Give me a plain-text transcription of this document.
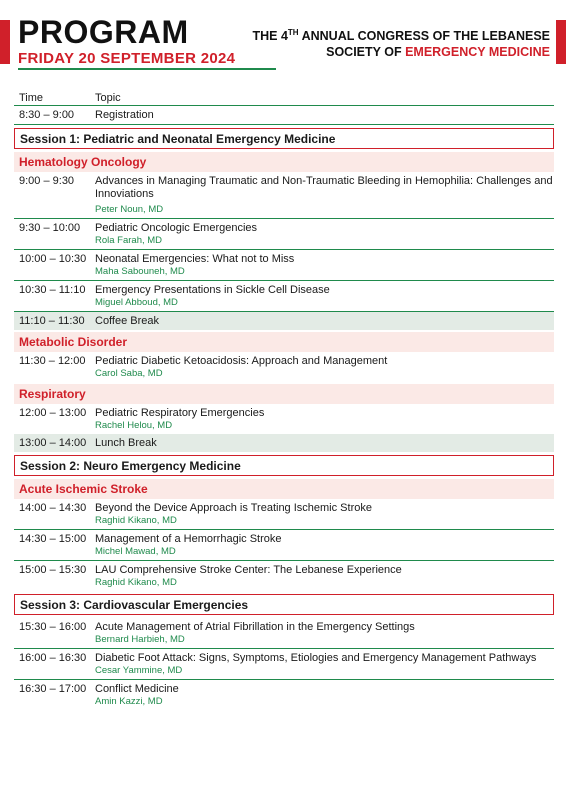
PROGRAM
FRIDAY 20 SEPTEMBER 2024
THE 4TH ANNUAL CONGRESS OF THE LEBANESE
SOCIETY OF EMERGENCY MEDICINE
Time	Topic
8:30 – 9:00	Registration
Session 1: Pediatric and Neonatal Emergency Medicine
Hematology Oncology
9:00 – 9:30	Advances in Managing Traumatic and Non-Traumatic Bleeding in Hemophilia: Challenges and Innoviations
Peter Noun, MD
9:30 – 10:00	Pediatric Oncologic Emergencies
Rola Farah, MD
10:00 – 10:30 Neonatal Emergencies: What not to Miss
Maha Sabouneh, MD
10:30 – 11:10 Emergency Presentations in Sickle Cell Disease
Miguel Abboud, MD
11:10 – 11:30 Coffee Break
Metabolic Disorder
11:30 – 12:00 Pediatric Diabetic Ketoacidosis: Approach and Management
Carol Saba, MD
Respiratory
12:00 – 13:00 Pediatric Respiratory Emergencies
Rachel Helou, MD
13:00 – 14:00 Lunch Break
Session 2: Neuro Emergency Medicine
Acute Ischemic Stroke
14:00 – 14:30 Beyond the Device Approach is Treating Ischemic Stroke
Raghid Kikano, MD
14:30 – 15:00 Management of a Hemorrhagic Stroke
Michel Mawad, MD
15:00 – 15:30 LAU Comprehensive Stroke Center: The Lebanese Experience
Raghid Kikano, MD
Session 3: Cardiovascular Emergencies
15:30 – 16:00 Acute Management of Atrial Fibrillation in the Emergency Settings
Bernard Harbieh, MD
16:00 – 16:30 Diabetic Foot Attack: Signs, Symptoms, Etiologies and Emergency Management Pathways
Cesar Yammine, MD
16:30 – 17:00 Conflict Medicine
Amin Kazzi, MD
